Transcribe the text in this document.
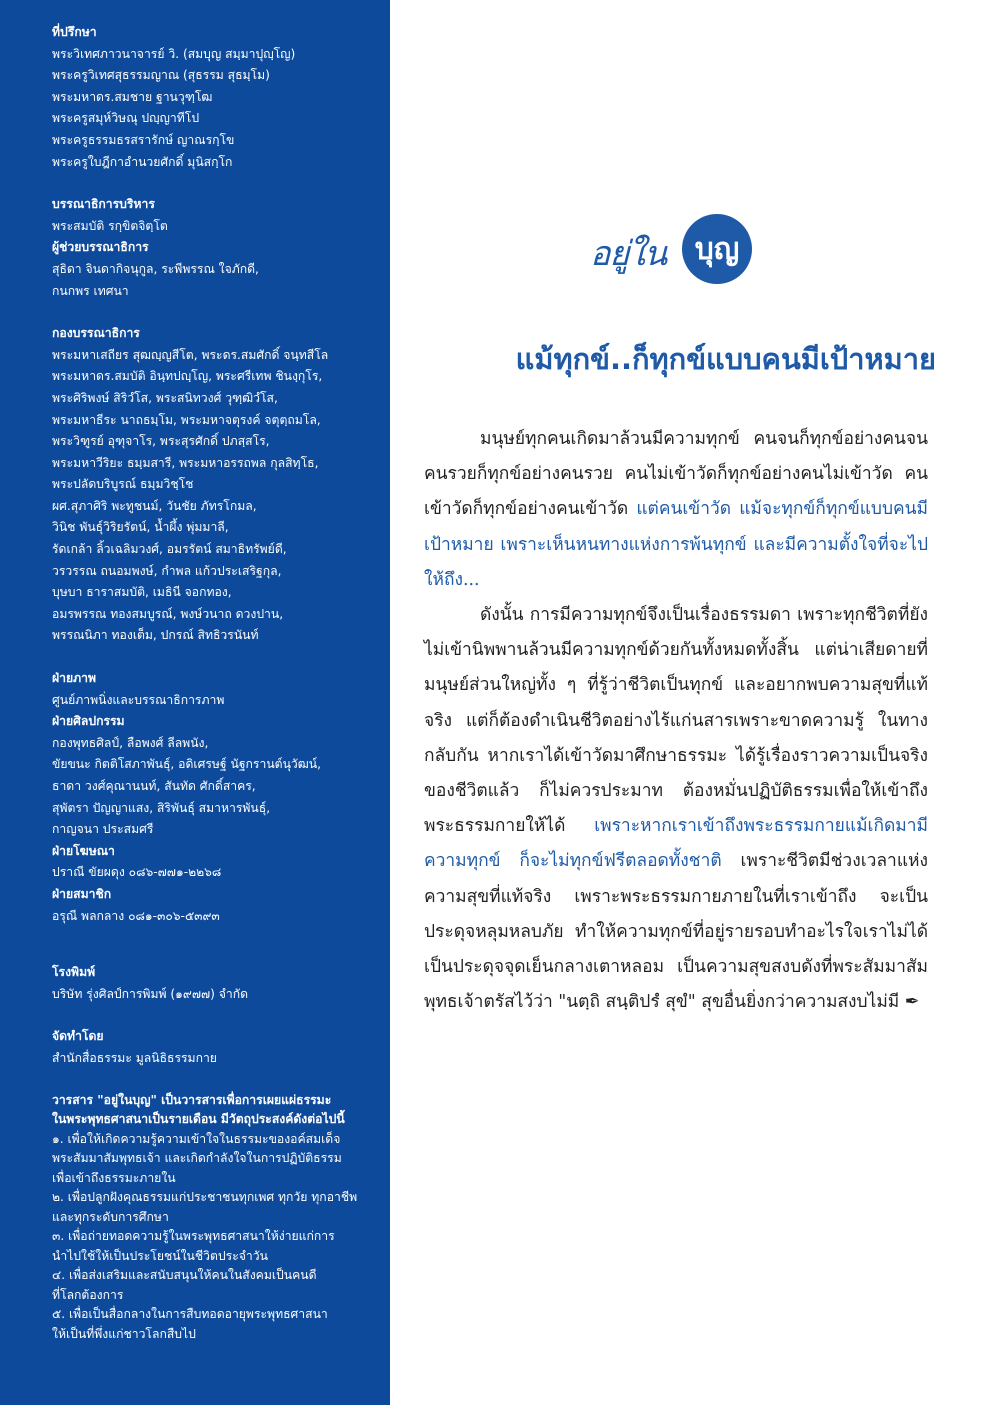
ที่ปรึกษา
พระวิเทศภาวนาจารย์ วิ. (สมบุญ สมฺมาปุญฺโญ)
พระครูวิเทศสุธรรมญาณ (สุธรรม สุธมฺโม)
พระมหาดร.สมชาย ฐานวุฑฺโฒ
พระครูสมุห์วิษณุ ปญฺญาทีโป
พระครูธรรมธรสรารักษ์ ญาณรกฺโข
พระครูใบฎีกาอำนวยศักดิ์ มุนิสกฺโก
บรรณาธิการบริหาร
พระสมบัติ รกฺขิตจิตฺโต
ผู้ช่วยบรรณาธิการ
สุธิดา จินดากิจนุกูล, ระพีพรรณ ใจภักดี,
กนกพร เทศนา
กองบรรณาธิการ
พระมหาเสถียร สุฒญฺญสีโต, พระดร.สมศักดิ์ จนฺทสีโล
พระมหาดร.สมบัติ อินฺทปญฺโญ, พระศรีเทพ ชินงฺกุโร,
พระศิริพงษ์ สิริวํโส, พระสนิทวงศ์ วุฑฺฒิวํโส,
พระมหาธีระ นาถธมฺโม, พระมหาจตุรงค์ จตุตฺถมโล,
พระวิฑูรย์ อุฑุจาโร, พระสุรศักดิ์ ปภสฺสโร,
พระมหาวีริยะ ธมฺมสารี, พระมหาอรรถพล กุลสิทฺโธ,
พระปลัดบริบูรณ์ ธมฺมวิชฺโช
ผศ.สุภาศิริ พะทูชนม์, วันชัย ภัทรโกมล,
วินิช พันธุ์วิริยรัตน์, น้ำผึ้ง พุ่มมาลี,
รัดเกล้า ลิ้วเฉลิมวงศ์, อมรรัตน์ สมาธิทรัพย์ดี,
วรวรรณ ถนอมพงษ์, กำพล แก้วประเสริฐกุล,
บุษบา ธาราสมบัติ, เมธินี จอกทอง,
อมรพรรณ ทองสมบูรณ์, พงษ์วนาถ ดวงปาน,
พรรณนิภา ทองเต็ม, ปกรณ์ สิทธิวรนันท์
ฝ่ายภาพ
ศูนย์ภาพนิ่งและบรรณาธิการภาพ
ฝ่ายศิลปกรรม
กองพุทธศิลป์, ลือพงศ์ ลีลพนัง,
ขัยขนะ กิตติโสภาพันธุ์, อดิเศรษฐ์ นัฐกรานต์นุวัฒน์,
ธาดา วงศ์คุณานนท์, สันทัด ศักดิ์สาคร,
สุพัตรา ปัญญาแสง, สิริพันธุ์ สมาหารพันธุ์,
กาญจนา ประสมศรี
ฝ่ายโฆษณา
ปราณี ขัยผดุง ๐๘๖-๗๗๑-๒๒๖๘
ฝ่ายสมาชิก
อรุณี พลกลาง ๐๘๑-๓๐๖-๕๓๙๓
โรงพิมพ์
บริษัท รุ่งศิลป์การพิมพ์ (๑๙๗๗) จำกัด
จัดทำโดย
สำนักสื่อธรรมะ มูลนิธิธรรมกาย
วารสาร "อยู่ในบุญ" เป็นวารสารเพื่อการเผยแผ่ธรรมะ
ในพระพุทธศาสนาเป็นรายเดือน มีวัตถุประสงค์ดังต่อไปนี้
๑. เพื่อให้เกิดความรู้ความเข้าใจในธรรมะของอค์สมเด็จ
พระสัมมาสัมพุทธเจ้า และเกิดกำลังใจในการปฏิบัติธรรม
เพื่อเข้าถึงธรรมะภายใน
๒. เพื่อปลูกฝังคุณธรรมแก่ประชาชนทุกเพศ ทุกวัย ทุกอาชีพ
และทุกระดับการศึกษา
๓. เพื่อถ่ายทอดความรู้ในพระพุทธศาสนาให้ง่ายแก่การ
นำไปใช้ให้เป็นประโยชน์ในชีวิตประจำวัน
๔. เพื่อส่งเสริมและสนับสนุนให้คนในสังคมเป็นคนดี
ที่โลกต้องการ
๕. เพื่อเป็นสื่อกลางในการสืบทอดอายุพระพุทธศาสนา
ให้เป็นที่พึ่งแก่ชาวโลกสืบไป
อยู่ใน บุญ
แม้ทุกข์..ก็ทุกข์แบบคนมีเป้าหมาย

มนุษย์ทุกคนเกิดมาล้วนมีความทุกข์ คนจนก็ทุกข์อย่างคนจน คนรวยก็ทุกข์อย่างคนรวย คนไม่เข้าวัดก็ทุกข์อย่างคนไม่เข้าวัด คนเข้าวัดก็ทุกข์อย่างคนเข้าวัด แต่คนเข้าวัด แม้จะทุกข์ก็ทุกข์แบบคนมีเป้าหมาย เพราะเห็นหนทางแห่งการพ้นทุกข์ และมีความตั้งใจที่จะไปให้ถึง...

ดังนั้น การมีความทุกข์จึงเป็นเรื่องธรรมดา เพราะทุกชีวิตที่ยังไม่เข้านิพพานล้วนมีความทุกข์ด้วยกันทั้งหมดทั้งสิ้น แต่น่าเสียดายที่มนุษย์ส่วนใหญ่ทั้ง ๆ ที่รู้ว่าชีวิตเป็นทุกข์ และอยากพบความสุขที่แท้จริง แต่ก็ต้องดำเนินชีวิตอย่างไร้แก่นสารเพราะขาดความรู้ ในทางกลับกัน หากเราได้เข้าวัดมาศึกษาธรรมะ ได้รู้เรื่องราวความเป็นจริงของชีวิตแล้ว ก็ไม่ควรประมาท ต้องหมั่นปฏิบัติธรรมเพื่อให้เข้าถึงพระธรรมกายให้ได้ เพราะหากเราเข้าถึงพระธรรมกายแม้เกิดมามีความทุกข์ ก็จะไม่ทุกข์ฟรีตลอดทั้งชาติ เพราะชีวิตมีช่วงเวลาแห่งความสุขที่แท้จริง เพราะพระธรรมกายภายในที่เราเข้าถึง จะเป็นประดุจหลุมหลบภัย ทำให้ความทุกข์ที่อยู่รายรอบทำอะไรใจเราไม่ได้ เป็นประดุจจุดเย็นกลางเตาหลอม เป็นความสุขสงบดังที่พระสัมมาสัมพุทธเจ้าตรัสไว้ว่า "นตฺถิ สนฺติปรํ สุขํ" สุขอื่นยิ่งกว่าความสงบไม่มี ✒
